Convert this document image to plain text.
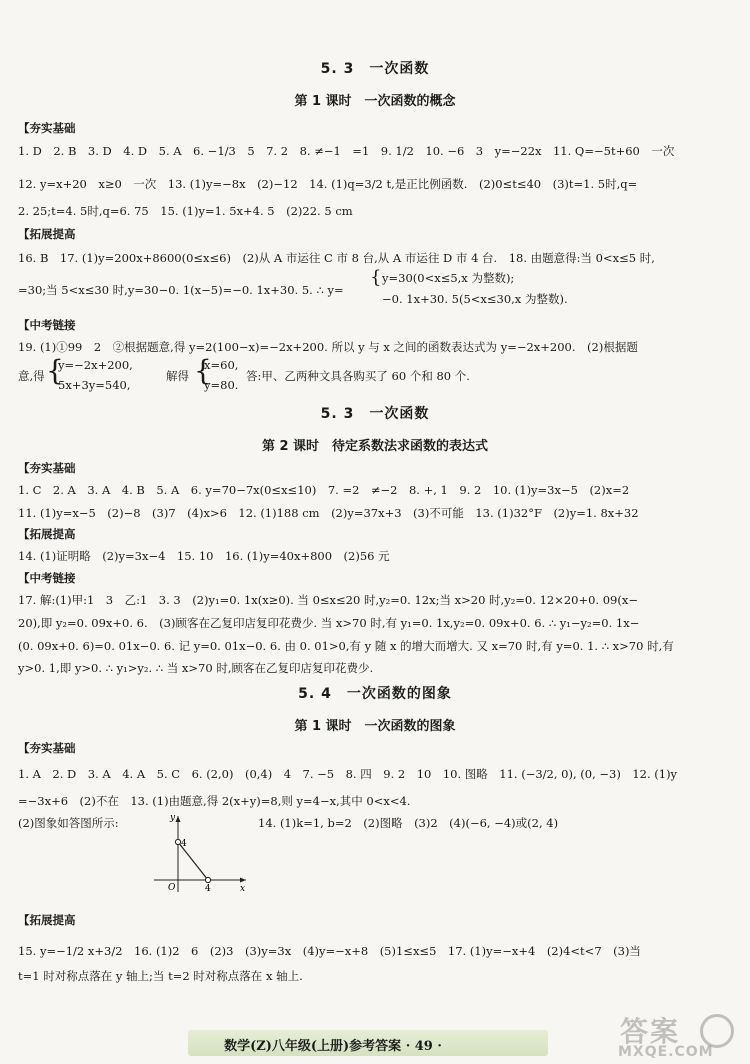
5. 3　一次函数
第 1 课时　一次函数的概念
【夯实基础
1. D　2. B　3. D　4. D　5. A　6. −1/3　5　7. 2　8. ≠−1　=1　9. 1/2　10. −6　3　y=−22x　11. Q=−5t+60　一次
12. y=x+20　x≥0　一次　13. (1)y=−8x　(2)−12　14. (1)q=3/2 t,是正比例函数.　(2)0≤t≤40　(3)t=1. 5时,q=
2. 25;t=4. 5时,q=6. 75　15. (1)y=1. 5x+4. 5　(2)22. 5 cm
【拓展提高
16. B　17. (1)y=200x+8600(0≤x≤6)　(2)从 A 市运往 C 市 8 台,从 A 市运往 D 市 4 台.　18. 由题意得:当 0<x≤5 时,
=30;当 5<x≤30 时,y=30−0. 1(x−5)=−0. 1x+30. 5. ∴ y=
{ y=30(0<x≤5,x 为整数);
−0. 1x+30. 5(5<x≤30,x 为整数).
【中考链接
19. (1)①99　2　②根据题意,得 y=2(100−x)=−2x+200. 所以 y 与 x 之间的函数表达式为 y=−2x+200.　(2)根据题
意,得 {
y=−2x+200,
5x+3y=540,
解得 {
x=60,
y=80.
答:甲、乙两种文具各购买了 60 个和 80 个.
5. 3　一次函数
第 2 课时　待定系数法求函数的表达式
【夯实基础
1. C　2. A　3. A　4. B　5. A　6. y=70−7x(0≤x≤10)　7. =2　≠−2　8. +, 1　9. 2　10. (1)y=3x−5　(2)x=2
11. (1)y=x−5　(2)−8　(3)7　(4)x>6　12. (1)188 cm　(2)y=37x+3　(3)不可能　13. (1)32°F　(2)y=1. 8x+32
【拓展提高
14. (1)证明略　(2)y=3x−4　15. 10　16. (1)y=40x+800　(2)56 元
【中考链接
17. 解:(1)甲:1　3　乙:1　3. 3　(2)y₁=0. 1x(x≥0). 当 0≤x≤20 时,y₂=0. 12x;当 x>20 时,y₂=0. 12×20+0. 09(x−
20),即 y₂=0. 09x+0. 6.　(3)顾客在乙复印店复印花费少. 当 x>70 时,有 y₁=0. 1x,y₂=0. 09x+0. 6. ∴ y₁−y₂=0. 1x−
(0. 09x+0. 6)=0. 01x−0. 6. 记 y=0. 01x−0. 6. 由 0. 01>0,有 y 随 x 的增大而增大. 又 x=70 时,有 y=0. 1. ∴ x>70 时,有
y>0. 1,即 y>0. ∴ y₁>y₂. ∴ 当 x>70 时,顾客在乙复印店复印花费少.
5. 4　一次函数的图象
第 1 课时　一次函数的图象
【夯实基础
1. A　2. D　3. A　4. A　5. C　6. (2,0)　(0,4)　4　7. −5　8. 四　9. 2　10　10. 图略　11. (−3/2, 0), (0, −3)　12. (1)y
=−3x+6　(2)不在　13. (1)由题意,得 2(x+y)=8,则 y=4−x,其中 0<x<4.
(2)图象如答图所示:	14. (1)k=1, b=2　(2)图略　(3)2　(4)(−6, −4)或(2, 4)
y
x
O
4
4
【拓展提高
15. y=−1/2 x+3/2　16. (1)2　6　(2)3　(3)y=3x　(4)y=−x+8　(5)1≤x≤5　17. (1)y=−x+4　(2)4<t<7　(3)当
t=1 时对称点落在 y 轴上;当 t=2 时对称点落在 x 轴上.
数学(Z)八年级(上册)参考答案 · 49 ·	答案
MXQE.COM
